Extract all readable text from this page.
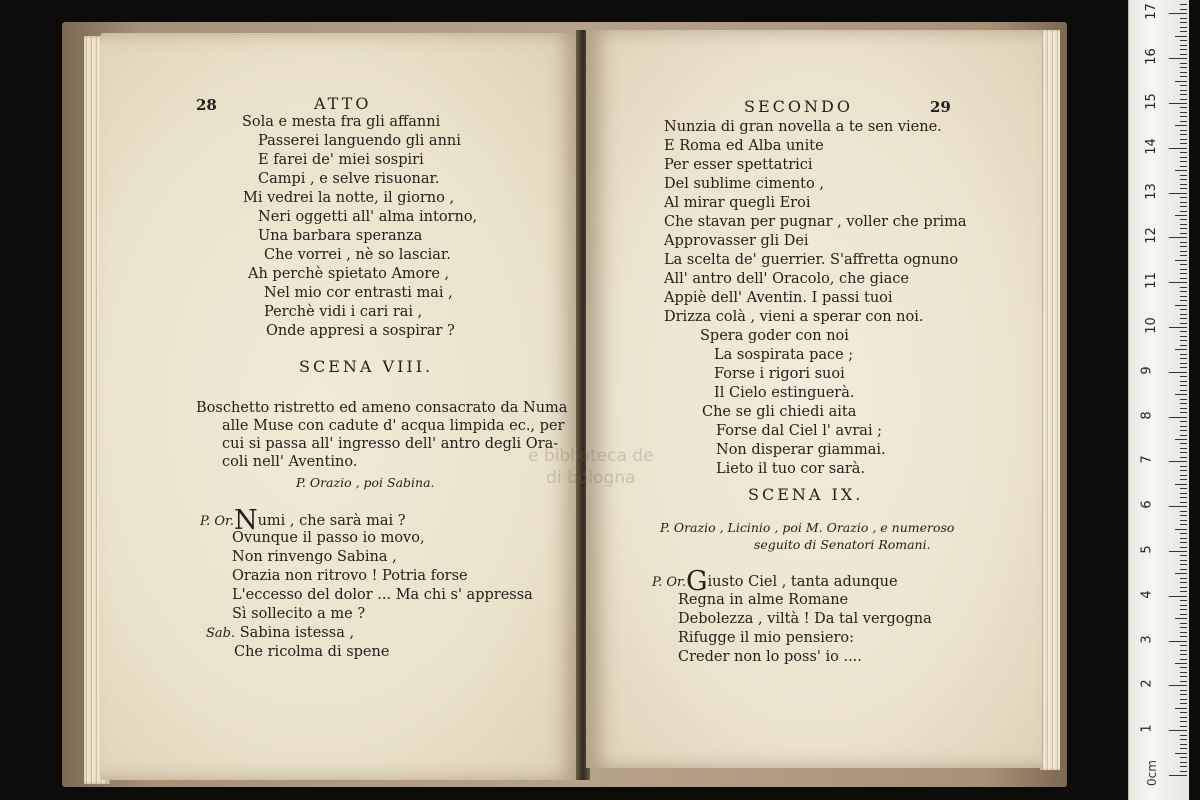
28	ATTO
Sola e mesta fra gli affanni
Passerei languendo gli anni
E farei de' miei sospiri
Campi , e selve risuonar.
Mi vedrei la notte, il giorno ,
Neri oggetti all' alma intorno,
Una barbara speranza
Che vorrei , nè so lasciar.
Ah perchè spietato Amore ,
Nel mio cor entrasti mai ,
Perchè vidi i cari rai ,
Onde appresi a sospirar ?
SCENA VIII.
Boschetto ristretto ed ameno consacrato da Numa
alle Muse con cadute d' acqua limpida ec., per
cui si passa all' ingresso dell' antro degli Ora-
coli nell' Aventino.
P. Orazio , poi Sabina.
P. Or.Numi , che sarà mai ?
Ovunque il passo io movo,
Non rinvengo Sabina ,
Orazia non ritrovo ! Potria forse
L'eccesso del dolor ... Ma chi s' appressa
Sì sollecito a me ?
Sab. Sabina istessa ,
Che ricolma di spene
SECONDO	29
Nunzia di gran novella a te sen viene.
E Roma ed Alba unite
Per esser spettatrici
Del sublime cimento ,
Al mirar quegli Eroi
Che stavan per pugnar , voller che prima
Approvasser gli Dei
La scelta de' guerrier. S'affretta ognuno
All' antro dell' Oracolo, che giace
Appiè dell' Aventin. I passi tuoi
Drizza colà , vieni a sperar con noi.
Spera goder con noi
La sospirata pace ;
Forse i rigori suoi
Il Cielo estinguerà.
Che se gli chiedi aita
Forse dal Ciel l' avrai ;
Non disperar giammai.
Lieto il tuo cor sarà.
SCENA IX.
P. Orazio , Licinio , poi M. Orazio , e numeroso
seguito di Senatori Romani.
P. Or.Giusto Ciel , tanta adunque
Regna in alme Romane
Debolezza , viltà ! Da tal vergogna
Rifugge il mio pensiero:
Creder non lo poss' io ....
e biblioteca de
di bologna
0cm
1
2
3
4
5
6
7
8
9
10
11
12
13
14
15
16
17
